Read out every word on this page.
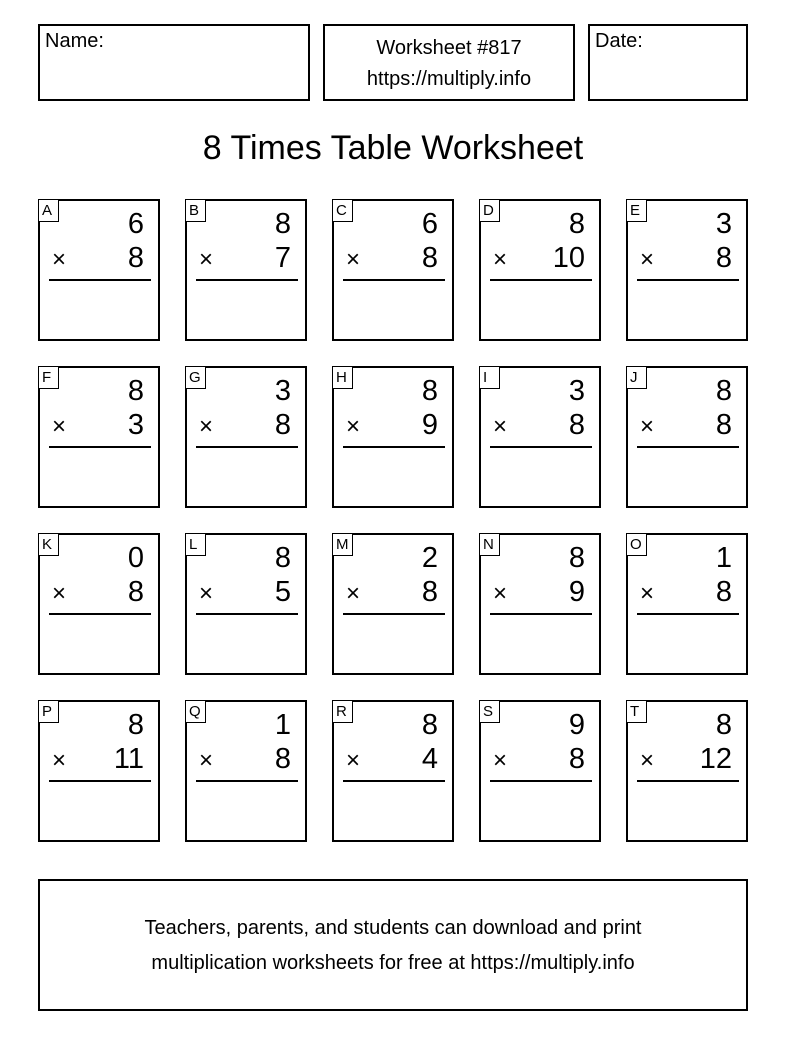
Name:	Worksheet #817
https://multiply.info
Date:
8 Times Table Worksheet
Teachers, parents, and students can download and print
multiplication worksheets for free at https://multiply.info
A	6
× 8
B	8
× 7
C	6
× 8
D	8
× 10
E	3
× 8
F	8
× 3
G	3
× 8
H	8
× 9
I	3
× 8
J	8
× 8
K	0
× 8
L	8
× 5
M	2
× 8
N	8
× 9
O	1
× 8
P	8
× 11
Q	1
× 8
R	8
× 4
S	9
× 8
T	8
× 12
